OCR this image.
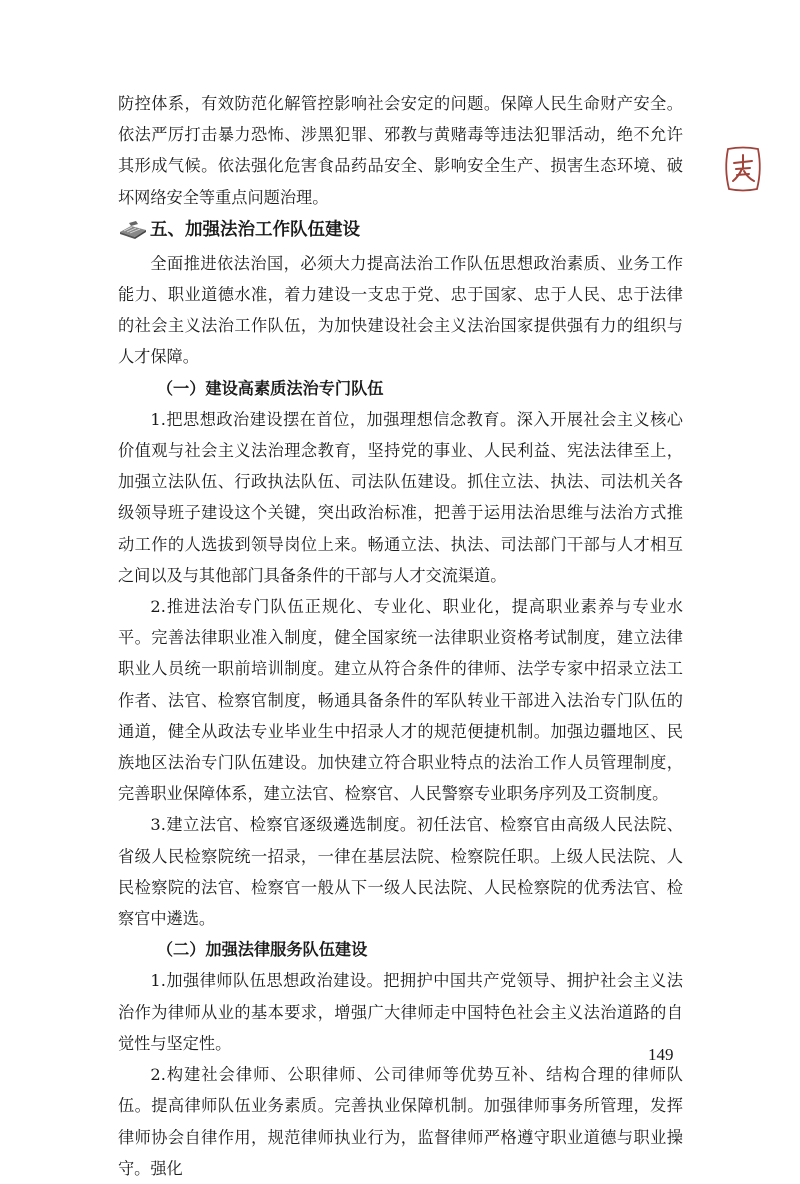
防控体系，有效防范化解管控影响社会安定的问题。保障人民生命财产安全。依法严厉打击暴力恐怖、涉黑犯罪、邪教与黄赌毒等违法犯罪活动，绝不允许其形成气候。依法强化危害食品药品安全、影响安全生产、损害生态环境、破坏网络安全等重点问题治理。

五、加强法治工作队伍建设

全面推进依法治国，必须大力提高法治工作队伍思想政治素质、业务工作能力、职业道德水准，着力建设一支忠于党、忠于国家、忠于人民、忠于法律的社会主义法治工作队伍，为加快建设社会主义法治国家提供强有力的组织与人才保障。

（一）建设高素质法治专门队伍

1.把思想政治建设摆在首位，加强理想信念教育。深入开展社会主义核心价值观与社会主义法治理念教育，坚持党的事业、人民利益、宪法法律至上，加强立法队伍、行政执法队伍、司法队伍建设。抓住立法、执法、司法机关各级领导班子建设这个关键，突出政治标准，把善于运用法治思维与法治方式推动工作的人选拔到领导岗位上来。畅通立法、执法、司法部门干部与人才相互之间以及与其他部门具备条件的干部与人才交流渠道。

2.推进法治专门队伍正规化、专业化、职业化，提高职业素养与专业水平。完善法律职业准入制度，健全国家统一法律职业资格考试制度，建立法律职业人员统一职前培训制度。建立从符合条件的律师、法学专家中招录立法工作者、法官、检察官制度，畅通具备条件的军队转业干部进入法治专门队伍的通道，健全从政法专业毕业生中招录人才的规范便捷机制。加强边疆地区、民族地区法治专门队伍建设。加快建立符合职业特点的法治工作人员管理制度，完善职业保障体系，建立法官、检察官、人民警察专业职务序列及工资制度。

3.建立法官、检察官逐级遴选制度。初任法官、检察官由高级人民法院、省级人民检察院统一招录，一律在基层法院、检察院任职。上级人民法院、人民检察院的法官、检察官一般从下一级人民法院、人民检察院的优秀法官、检察官中遴选。

（二）加强法律服务队伍建设

1.加强律师队伍思想政治建设。把拥护中国共产党领导、拥护社会主义法治作为律师从业的基本要求，增强广大律师走中国特色社会主义法治道路的自觉性与坚定性。

2.构建社会律师、公职律师、公司律师等优势互补、结构合理的律师队伍。提高律师队伍业务素质。完善执业保障机制。加强律师事务所管理，发挥律师协会自律作用，规范律师执业行为，监督律师严格遵守职业道德与职业操守。强化

149
